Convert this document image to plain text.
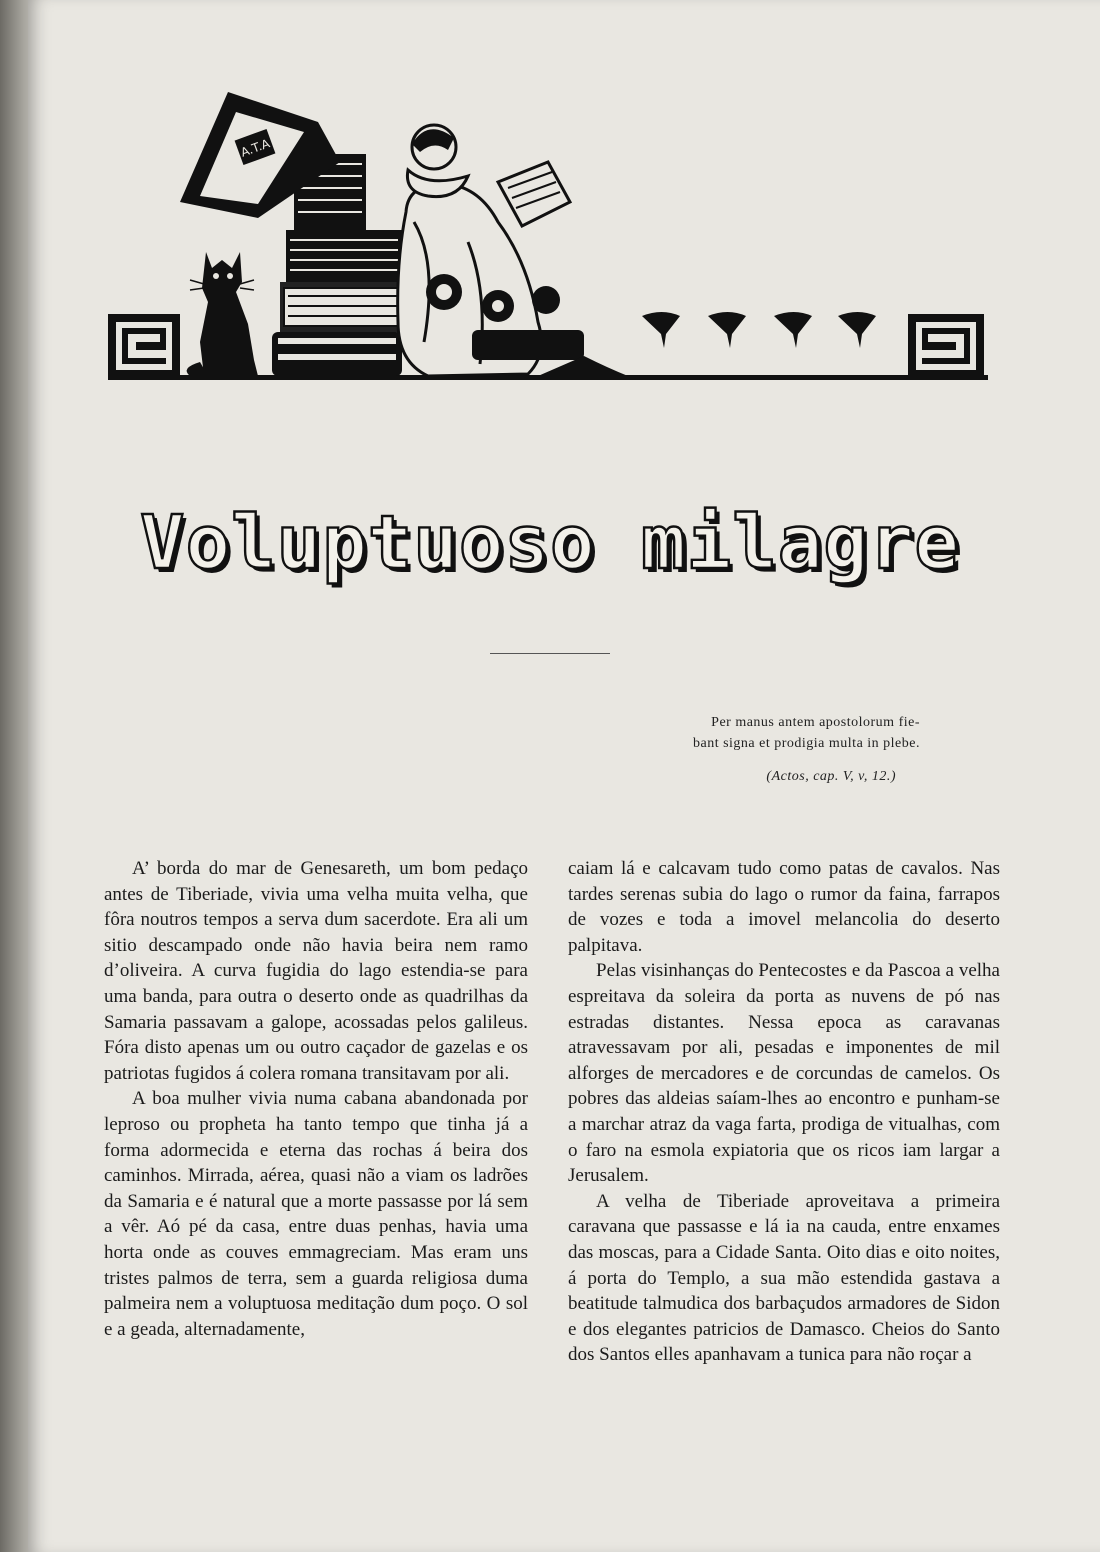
A.T.A
Voluptuoso milagre
Per manus antem apostolorum fie-
bant signa et prodigia multa in plebe.
(Actos, cap. V, v, 12.)

A’ borda do mar de Genesareth, um bom pedaço antes de Tiberiade, vivia uma velha muita velha, que fôra noutros tempos a serva dum sacerdote. Era ali um sitio descampado onde não havia beira nem ramo d’oliveira. A curva fugidia do lago estendia-se para uma banda, para outra o deserto onde as quadrilhas da Samaria passavam a galope, acossadas pelos galileus. Fóra disto apenas um ou outro caçador de gazelas e os patriotas fugidos á colera romana transitavam por ali.

A boa mulher vivia numa cabana abandonada por leproso ou propheta ha tanto tempo que tinha já a forma adormecida e eterna das rochas á beira dos caminhos. Mirrada, aérea, quasi não a viam os ladrões da Samaria e é natural que a morte passasse por lá sem a vêr. Aó pé da casa, entre duas penhas, havia uma horta onde as couves emmagreciam. Mas eram uns tristes palmos de terra, sem a guarda religiosa duma palmeira nem a voluptuosa meditação dum poço. O sol e a geada, alternadamente,

caiam lá e calcavam tudo como patas de cavalos. Nas tardes serenas subia do lago o rumor da faina, farrapos de vozes e toda a imovel melancolia do deserto palpitava.

Pelas visinhanças do Pentecostes e da Pascoa a velha espreitava da soleira da porta as nuvens de pó nas estradas distantes. Nessa epoca as caravanas atravessavam por ali, pesadas e imponentes de mil alforges de mercadores e de corcundas de camelos. Os pobres das aldeias saíam-lhes ao encontro e punham-se a marchar atraz da vaga farta, prodiga de vitualhas, com o faro na esmola expiatoria que os ricos iam largar a Jerusalem.

A velha de Tiberiade aproveitava a primeira caravana que passasse e lá ia na cauda, entre enxames das moscas, para a Cidade Santa. Oito dias e oito noites, á porta do Templo, a sua mão estendida gastava a beatitude talmudica dos barbaçudos armadores de Sidon e dos elegantes patricios de Damasco. Cheios do Santo dos Santos elles apanhavam a tunica para não roçar a
